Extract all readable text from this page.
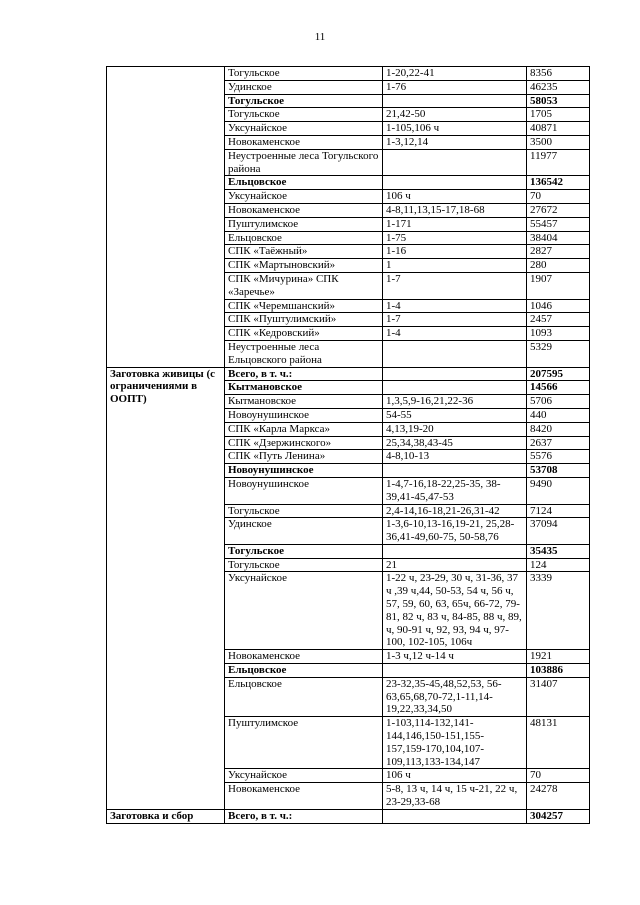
11
	Тогульское	1-20,22-41	8356
	Удинское	1-76	46235
	Тогульское		58053
	Тогульское	21,42-50	1705
	Уксунайское	1-105,106 ч	40871
	Новокаменское	1-3,12,14	3500
	Неустроенные леса Тогульского района		11977
	Ельцовское		136542
	Уксунайское	106 ч	70
	Новокаменское	4-8,11,13,15-17,18-68	27672
	Пуштулимское	1-171	55457
	Ельцовское	1-75	38404
	СПК «Таёжный»	1-16	2827
	СПК «Мартыновский»	1	280
	СПК «Мичурина» СПК «Заречье»	1-7	1907
	СПК «Черемшанский»	1-4	1046
	СПК «Пуштулимский»	1-7	2457
	СПК «Кедровский»	1-4	1093
	Неустроенные леса Ельцовского района		5329
Заготовка живицы (с ограничениями в ООПТ)	Всего, в т. ч.:		207595
	Кытмановское		14566
	Кытмановское	1,3,5,9-16,21,22-36	5706
	Новоунушинское	54-55	440
	СПК «Карла Маркса»	4,13,19-20	8420
	СПК «Дзержинского»	25,34,38,43-45	2637
	СПК «Путь Ленина»	4-8,10-13	5576
	Новоунушинское		53708
	Новоунушинское	1-4,7-16,18-22,25-35, 38-39,41-45,47-53	9490
	Тогульское	2,4-14,16-18,21-26,31-42	7124
	Удинское	1-3,6-10,13-16,19-21, 25,28-36,41-49,60-75, 50-58,76	37094
	Тогульское		35435
	Тогульское	21	124
	Уксунайское	1-22 ч, 23-29, 30 ч, 31-36, 37 ч ,39 ч,44, 50-53, 54 ч, 56 ч, 57, 59, 60, 63, 65ч, 66-72, 79-81, 82 ч, 83 ч, 84-85, 88 ч, 89, ч, 90-91 ч, 92, 93, 94 ч, 97-100, 102-105, 106ч	3339
	Новокаменское	1-3 ч,12 ч-14 ч	1921
	Ельцовское		103886
	Ельцовское	23-32,35-45,48,52,53, 56-63,65,68,70-72,1-11,14-19,22,33,34,50	31407
	Пуштулимское	1-103,114-132,141-144,146,150-151,155-157,159-170,104,107-109,113,133-134,147	48131
	Уксунайское	106 ч	70
	Новокаменское	5-8, 13 ч, 14 ч, 15 ч-21, 22 ч, 23-29,33-68	24278
Заготовка и сбор	Всего, в т. ч.:		304257
